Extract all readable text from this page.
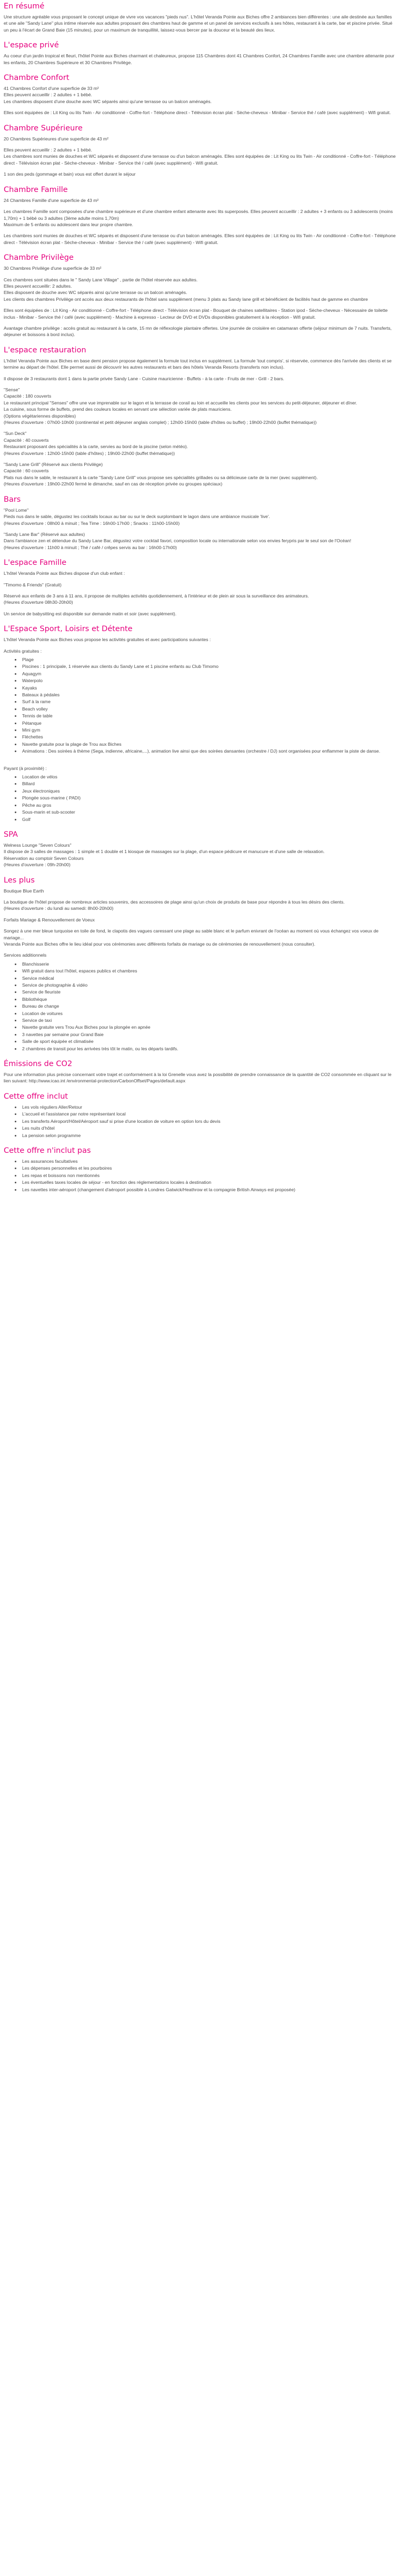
En résumé

Une structure agréable vous proposant le concept unique de vivre vos vacances "pieds nus". L'hôtel Veranda Pointe aux Biches offre 2 ambiances bien différentes : une aile destinée aux familles et une aile "Sandy Lane" plus intime réservée aux adultes proposant des chambres haut de gamme et un panel de services exclusifs à ses hôtes, restaurant à la carte, bar et piscine privée. Situé un peu à l'écart de Grand Baie (15 minutes), pour un maximum de tranquillité, laissez-vous bercer par la douceur et la beauté des lieux.

L'espace privé

Au coeur d'un jardin tropical et fleuri, l'hôtel Pointe aux Biches charmant et chaleureux, propose 115 Chambres dont 41 Chambres Confort, 24 Chambres Famille avec une chambre attenante pour les enfants, 20 Chambres Supérieure et 30 Chambres Privilège.

Chambre Confort

41 Chambres Confort d'une superficie de 33 m²

Elles peuvent accueillir : 2 adultes + 1 bébé.

Les chambres disposent d'une douche avec WC séparés ainsi qu'une terrasse ou un balcon aménagés.

Elles sont équipées de : Lit King ou lits Twin - Air conditionné - Coffre-fort - Téléphone direct - Télévision écran plat - Sèche-cheveux - Minibar - Service thé / café (avec supplément) - Wifi gratuit.

Chambre Supérieure

20 Chambres Supérieures d'une superficie de 43 m²

Elles peuvent accueillir : 2 adultes + 1 bébé.
Les chambres sont munies de douches et WC séparés et disposent d'une terrasse ou d'un balcon aménagés. Elles sont équipées de : Lit King ou lits Twin - Air conditionné - Coffre-fort - Téléphone direct - Télévision écran plat - Sèche-cheveux - Minibar - Service thé / café (avec supplément) - Wifi gratuit.

1 son des peds (gommage et bain) vous est offert durant le séjour

Chambre Famille

24 Chambres Famille d'une superficie de 43 m²

Les chambres Famille sont composées d'une chambre supérieure et d'une chambre enfant attenante avec lits superposés. Elles peuvent accueillir : 2 adultes + 3 enfants ou 3 adolescents (moins 1,70m) + 1 bébé ou 3 adultes (3ème adulte moins 1,70m)
Maximum de 5 enfants ou adolescent dans leur propre chambre.

Les chambres sont munies de douches et WC séparés et disposent d'une terrasse ou d'un balcon aménagés. Elles sont équipées de : Lit King ou lits Twin - Air conditionné - Coffre-fort - Téléphone direct - Télévision écran plat - Sèche-cheveux - Minibar - Service thé / café (avec supplément) - Wifi gratuit.

Chambre Privilège

30 Chambres Privilège d'une superficie de 33 m²

Ces chambres sont situées dans le " Sandy Lane Village" , partie de l'hôtel réservée aux adultes.
Elles peuvent accueillir: 2 adultes.
Elles disposent de douche avec WC séparés ainsi qu'une terrasse ou un balcon aménagés.
Les clients des chambres Privilège ont accès aux deux restaurants de l'hôtel sans supplément (menu 3 plats au Sandy lane grill et bénéficient de facilités haut de gamme en chambre

Elles sont équipées de : Lit King - Air conditionné - Coffre-fort - Téléphone direct - Télévision écran plat - Bouquet de chaines satellitaires - Station ipod - Sèche-cheveux - Nécessaire de toilette inclus - Minibar - Service thé / café (avec supplément) - Machine à expresso - Lecteur de DVD et DVDs disponibles gratuitement à la réception - Wifi gratuit.

Avantage chambre privilège : accès gratuit au restaurant à la carte, 15 mn de réflexologie plantaire offertes. Une journée de croisière en catamaran offerte (séjour minimum de 7 nuits. Transferts, déjeuner et boissons à bord inclus).

L'espace restauration

L'hôtel Veranda Pointe aux Biches en base demi pension propose également la formule tout inclus en supplément. La formule 'tout compris', si réservée, commence dès l'arrivée des clients et se termine au départ de l'hôtel. Elle permet aussi de découvrir les autres restaurants et bars des hôtels Veranda Resorts (transferts non inclus).

Il dispose de 3 restaurants dont 1 dans la partie privée Sandy Lane - Cuisine mauricienne - Buffets - à la carte - Fruits de mer - Grill - 2 bars.

"Sense"

Capacité : 180 couverts

Le restaurant principal "Senses" offre une vue imprenable sur le lagon et la terrasse de corail au loin et accueille les clients pour les services du petit-déjeuner, déjeuner et dîner.

La cuisine, sous forme de buffets, prend des couleurs locales en servant une sélection variée de plats mauriciens.

(Options végétariennes disponibles)

(Heures d'ouverture : 07h00-10h00 (continental et petit déjeuner anglais complet) ; 12h00-15h00 (table d'hôtes ou buffet) ; 19h00-22h00 (buffet thématique))

"Sun Deck"

Capacité : 40 couverts

Restaurant proposant des spécialités à la carte, servies au bord de la piscine (selon météo).

(Heures d'ouverture : 12h00-15h00 (table d'hôtes) ; 19h00-22h00 (buffet thématique))

"Sandy Lane Grill" (Réservé aux clients Privilège)

Capacité : 60 couverts

Plats nus dans le sable, le restaurant à la carte "Sandy Lane Grill" vous propose ses spécialités grillades ou sa délicieuse carte de la mer (avec supplément).

(Heures d'ouverture : 19h00-22h00 fermé le dimanche, sauf en cas de réception privée ou groupes spéciaux)

Bars

"Pool Lome"

Pieds nus dans le sable, dégustez les cocktails locaux au bar ou sur le deck surplombant le lagon dans une ambiance musicale 'live'.

(Heures d'ouverture : 08h00 à minuit ; Tea Time : 16h00-17h00 ; Snacks : 11h00-15h00)

"Sandy Lane Bar" (Réservé aux adultes)

Dans l'ambiance zen et détendue du Sandy Lane Bar, dégustez votre cocktail favori, composition locale ou internationale selon vos envies ferypris par le seul son de l'Océan!

(Heures d'ouverture : 11h00 à minuit ; Thé / café / crêpes servis au bar : 16h00-17h00)

L'espace Famille

L'hôtel Veranda Pointe aux Biches dispose d'un club enfant :

"Timomo & Friends" (Gratuit)

Réservé aux enfants de 3 ans à 11 ans, il propose de multiples activités quotidiennement, à l'intérieur et de plein air sous la surveillance des animateurs.
(Heures d'ouverture 08h30-20h00)

Un service de babysitting est disponible sur demande matin et soir (avec supplément).

L'Espace Sport, Loisirs et Détente

L'hôtel Veranda Pointe aux Biches vous propose les activités gratuites et avec participations suivantes :

Activités gratuites :

• Plage
• Piscines : 1 principale, 1 réservée aux clients du Sandy Lane et 1 piscine enfants au Club Timomo
• Aquagym
• Waterpolo
• Kayaks
• Bateaux à pédales
• Surf à la rame
• Beach volley
• Tennis de table
• Pétanque
• Mini gym
• Fléchettes
• Navette gratuite pour la plage de Trou aux Biches
• Animations : Des soirées à thème (Sega, indienne, africaine,...), animation live ainsi que des soirées dansantes (orchestre / DJ) sont organisées pour enflammer la piste de danse.

Payant (à proximité) :

• Location de vélos
• Billard
• Jeux électroniques
• Plongée sous-marine ( PADI)
• Pêche au gros
• Sous-marin et sub-scooter
• Golf
SPA

Welness Lounge "Seven Colours"

Il dispose de 3 salles de massages : 1 simple et 1 double et 1 kiosque de massages sur la plage, d'un espace pédicure et manucure et d'une salle de relaxation.

Réservation au comptoir Seven Colours

(Heures d'ouverture : 09h-20h00)

Les plus

Boutique Blue Earth

La boutique de l'hôtel propose de nombreux articles souvenirs, des accessoires de plage ainsi qu'un choix de produits de base pour répondre à tous les désirs des clients.

(Heures d'ouverture : du lundi au samedi: 8h00-20h00)

Forfaits Mariage & Renouvellement de Voeux

Songez à une mer bleue turquoise en toile de fond, le clapotis des vagues caressant une plage au sable blanc et le parfum enivrant de l'océan au moment où vous échangez vos voeux de mariage...

Veranda Pointe aux Biches offre le lieu idéal pour vos cérémonies avec différents forfaits de mariage ou de cérémonies de renouvellement (nous consulter).

Services additionnels

• Blanchisserie
• Wifi gratuit dans tout l'hôtel, espaces publics et chambres
• Service médical
• Service de photographie & vidéo
• Service de fleuriste
• Bibliothèque
• Bureau de change
• Location de voitures
• Service de taxi
• Navette gratuite vers Trou Aux Biches pour la plongée en apnée
• 3 navettes par semaine pour Grand Baie
• Salle de sport équipée et climatisée
• 2 chambres de transit pour les arrivées très tôt le matin, ou les départs tardifs.
Émissions de CO2

Pour une information plus précise concernant votre trajet et conformément à la loi Grenelle vous avez la possibilité de prendre connaissance de la quantité de CO2 consommée en cliquant sur le lien suivant: http://www.icao.int /environmental-protection/CarbonOffset/Pages/default.aspx

Cette offre inclut
• Les vols réguliers Aller/Retour
• L'accueil et l'assistance par notre représentant local
• Les transferts Aéroport/Hôtel/Aéroport sauf si prise d'une location de voiture en option lors du devis
• Les nuits d'hôtel
• La pension selon programme
Cette offre n'inclut pas
• Les assurances facultatives
• Les dépenses personnelles et les pourboires
• Les repas et boissons non mentionnés
• Les éventuelles taxes locales de séjour - en fonction des réglementations locales à destination
• Les navettes inter-aéroport (changement d'aéroport possible à Londres Gatwick/Heathrow et la compagnie British Airways est proposée)
